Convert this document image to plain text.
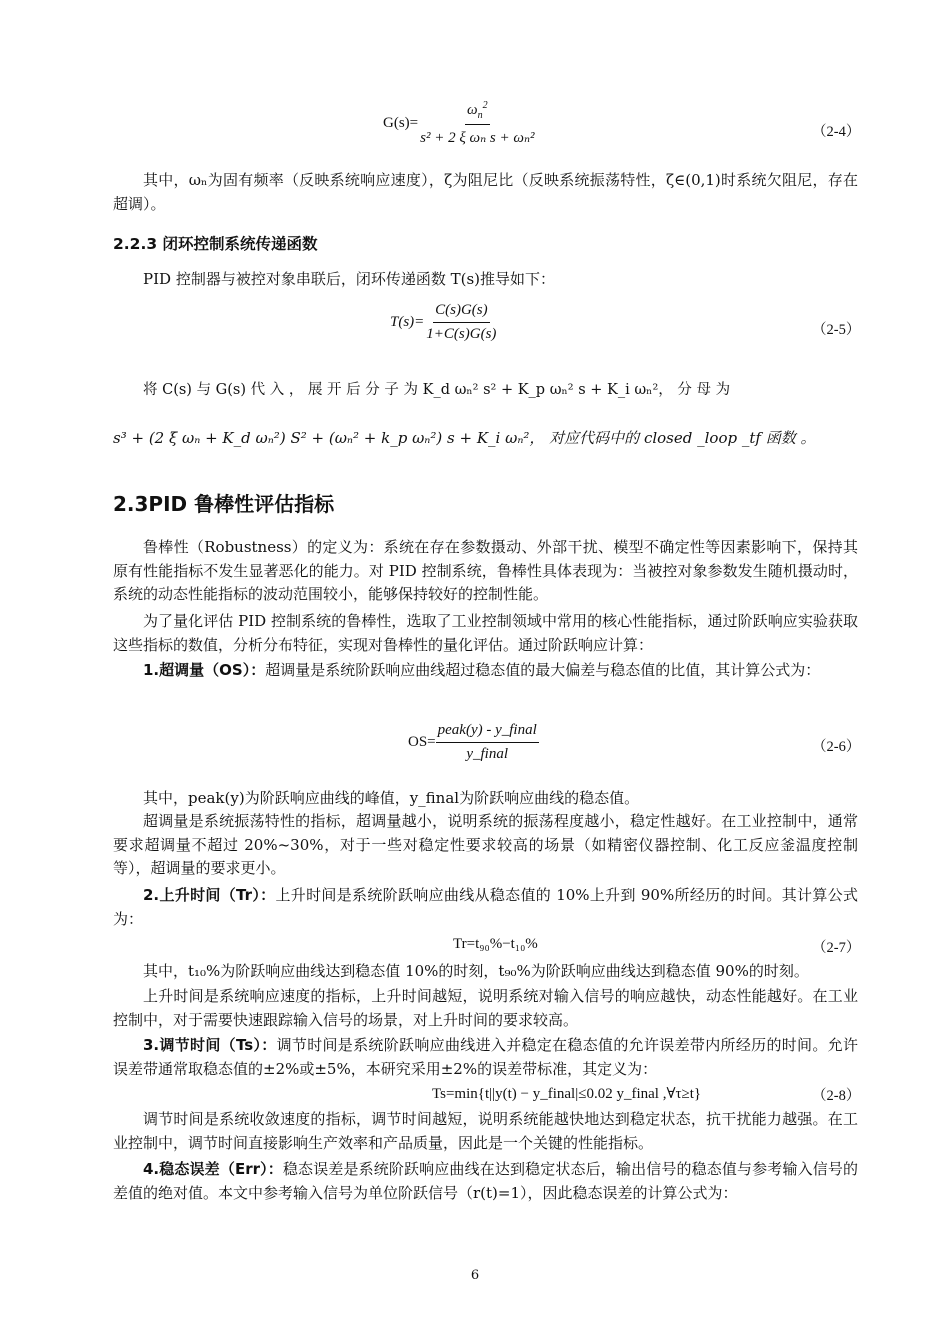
$G(s)= \frac{\omega_n^2}{\text{s² + 2 ξ ωₙ s + ωₙ²}}$	（2-4）
其中，ωₙ为固有频率（反映系统响应速度），ζ为阻尼比（反映系统振荡特性，ζ∈(0,1)时系统欠阻尼，存在超调）。
2.2.3 闭环控制系统传递函数
PID 控制器与被控对象串联后，闭环传递函数 T(s)推导如下：
$T(s)= \frac{C(s)G(s)}{1+C(s)G(s)}$	（2-5）
将 C(s) 与 G(s) 代 入 ， 展 开 后 分 子 为 K_d ωₙ² s² + K_p ωₙ² s + K_i ωₙ²， 分 母 为
s³ + (2 ξ ωₙ + K_d ωₙ²) S² + (ωₙ² + k_p ωₙ²) s + K_i ωₙ²， 对应代码中的 closed _loop _tf 函数 。
2.3PID 鲁棒性评估指标
鲁棒性（Robustness）的定义为：系统在存在参数摄动、外部干扰、模型不确定性等因素影响下，保持其原有性能指标不发生显著恶化的能力。对 PID 控制系统，鲁棒性具体表现为：当被控对象参数发生随机摄动时，系统的动态性能指标的波动范围较小，能够保持较好的控制性能。
为了量化评估 PID 控制系统的鲁棒性，选取了工业控制领域中常用的核心性能指标，通过阶跃响应实验获取这些指标的数值，分析分布特征，实现对鲁棒性的量化评估。通过阶跃响应计算：
1.超调量（OS）：超调量是系统阶跃响应曲线超过稳态值的最大偏差与稳态值的比值，其计算公式为：
$OS= \frac{\text{peak(y) - y\_final}}{\text{y\_final}}$	（2-6）
其中，peak(y)为阶跃响应曲线的峰值，y_final为阶跃响应曲线的稳态值。
超调量是系统振荡特性的指标，超调量越小，说明系统的振荡程度越小，稳定性越好。在工业控制中，通常要求超调量不超过 20%~30%，对于一些对稳定性要求较高的场景（如精密仪器控制、化工反应釜温度控制等），超调量的要求更小。
2.上升时间（Tr）：上升时间是系统阶跃响应曲线从稳态值的 10%上升到 90%所经历的时间。其计算公式为：
Tr=t₉₀%−t₁₀%	（2-7）
其中，t₁₀%为阶跃响应曲线达到稳态值 10%的时刻，t₉₀%为阶跃响应曲线达到稳态值 90%的时刻。
上升时间是系统响应速度的指标，上升时间越短，说明系统对输入信号的响应越快，动态性能越好。在工业控制中，对于需要快速跟踪输入信号的场景，对上升时间的要求较高。
3.调节时间（Ts）：调节时间是系统阶跃响应曲线进入并稳定在稳态值的允许误差带内所经历的时间。允许误差带通常取稳态值的±2%或±5%，本研究采用±2%的误差带标准，其定义为：
Ts=min{t||y(t) − y_final|≤0.02 y_final ,∀τ≥t}	（2-8）
调节时间是系统收敛速度的指标，调节时间越短，说明系统能越快地达到稳定状态，抗干扰能力越强。在工业控制中，调节时间直接影响生产效率和产品质量，因此是一个关键的性能指标。
4.稳态误差（Err）：稳态误差是系统阶跃响应曲线在达到稳定状态后，输出信号的稳态值与参考输入信号的差值的绝对值。本文中参考输入信号为单位阶跃信号（r(t)=1），因此稳态误差的计算公式为：
6
